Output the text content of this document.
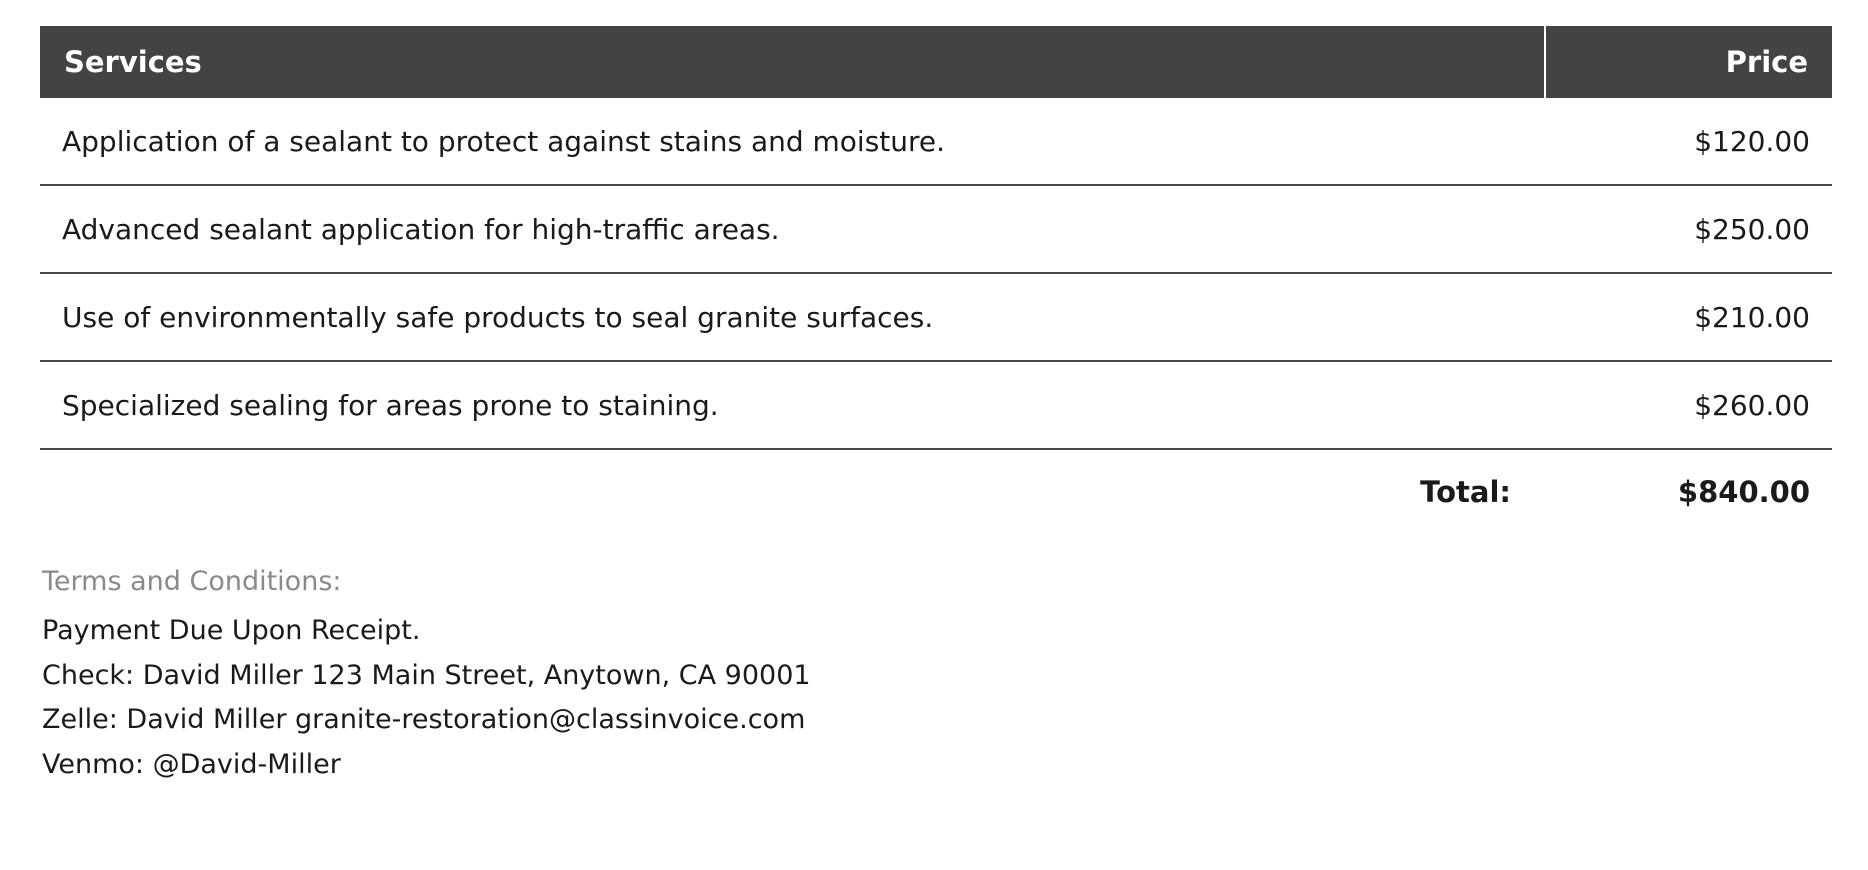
Services	Price
Application of a sealant to protect against stains and moisture.	$120.00
Advanced sealant application for high-traffic areas.	$250.00
Use of environmentally safe products to seal granite surfaces.	$210.00
Specialized sealing for areas prone to staining.	$260.00
Total:	$840.00
Terms and Conditions:
Payment Due Upon Receipt.
Check: David Miller 123 Main Street, Anytown, CA 90001
Zelle: David Miller granite-restoration@classinvoice.com
Venmo: @David-Miller
